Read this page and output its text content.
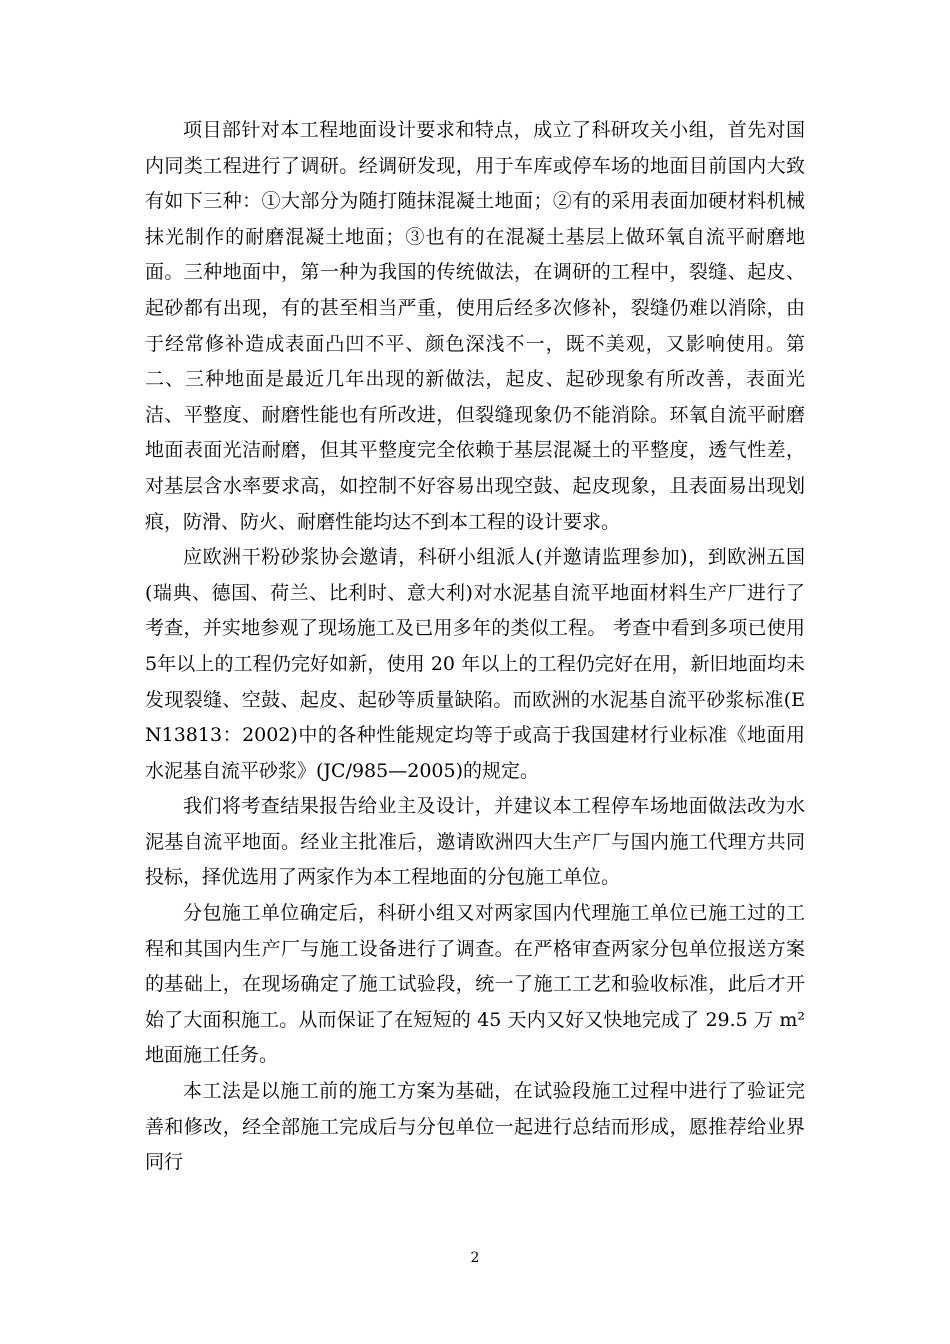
项目部针对本工程地面设计要求和特点，成立了科研攻关小组，首先对国内同类工程进行了调研。经调研发现，用于车库或停车场的地面目前国内大致有如下三种：①大部分为随打随抹混凝土地面；②有的采用表面加硬材料机械抹光制作的耐磨混凝土地面；③也有的在混凝土基层上做环氧自流平耐磨地面。三种地面中，第一种为我国的传统做法，在调研的工程中，裂缝、起皮、起砂都有出现，有的甚至相当严重，使用后经多次修补，裂缝仍难以消除，由于经常修补造成表面凸凹不平、颜色深浅不一，既不美观，又影响使用。第二、三种地面是最近几年出现的新做法，起皮、起砂现象有所改善，表面光洁、平整度、耐磨性能也有所改进，但裂缝现象仍不能消除。环氧自流平耐磨地面表面光洁耐磨，但其平整度完全依赖于基层混凝土的平整度，透气性差，对基层含水率要求高，如控制不好容易出现空鼓、起皮现象，且表面易出现划痕，防滑、防火、耐磨性能均达不到本工程的设计要求。

应欧洲干粉砂浆协会邀请，科研小组派人(并邀请监理参加)，到欧洲五国(瑞典、德国、荷兰、比利时、意大利)对水泥基自流平地面材料生产厂进行了考查，并实地参观了现场施工及已用多年的类似工程。 考查中看到多项已使用 5年以上的工程仍完好如新，使用 20 年以上的工程仍完好在用，新旧地面均未发现裂缝、空鼓、起皮、起砂等质量缺陷。而欧洲的水泥基自流平砂浆标准(EN13813：2002)中的各种性能规定均等于或高于我国建材行业标准《地面用水泥基自流平砂浆》(JC/985—2005)的规定。

我们将考查结果报告给业主及设计，并建议本工程停车场地面做法改为水泥基自流平地面。经业主批准后，邀请欧洲四大生产厂与国内施工代理方共同投标，择优选用了两家作为本工程地面的分包施工单位。

分包施工单位确定后，科研小组又对两家国内代理施工单位已施工过的工程和其国内生产厂与施工设备进行了调查。在严格审查两家分包单位报送方案的基础上，在现场确定了施工试验段，统一了施工工艺和验收标准，此后才开始了大面积施工。从而保证了在短短的 45 天内又好又快地完成了 29.5 万 m²地面施工任务。

本工法是以施工前的施工方案为基础，在试验段施工过程中进行了验证完善和修改，经全部施工完成后与分包单位一起进行总结而形成，愿推荐给业界同行

2
